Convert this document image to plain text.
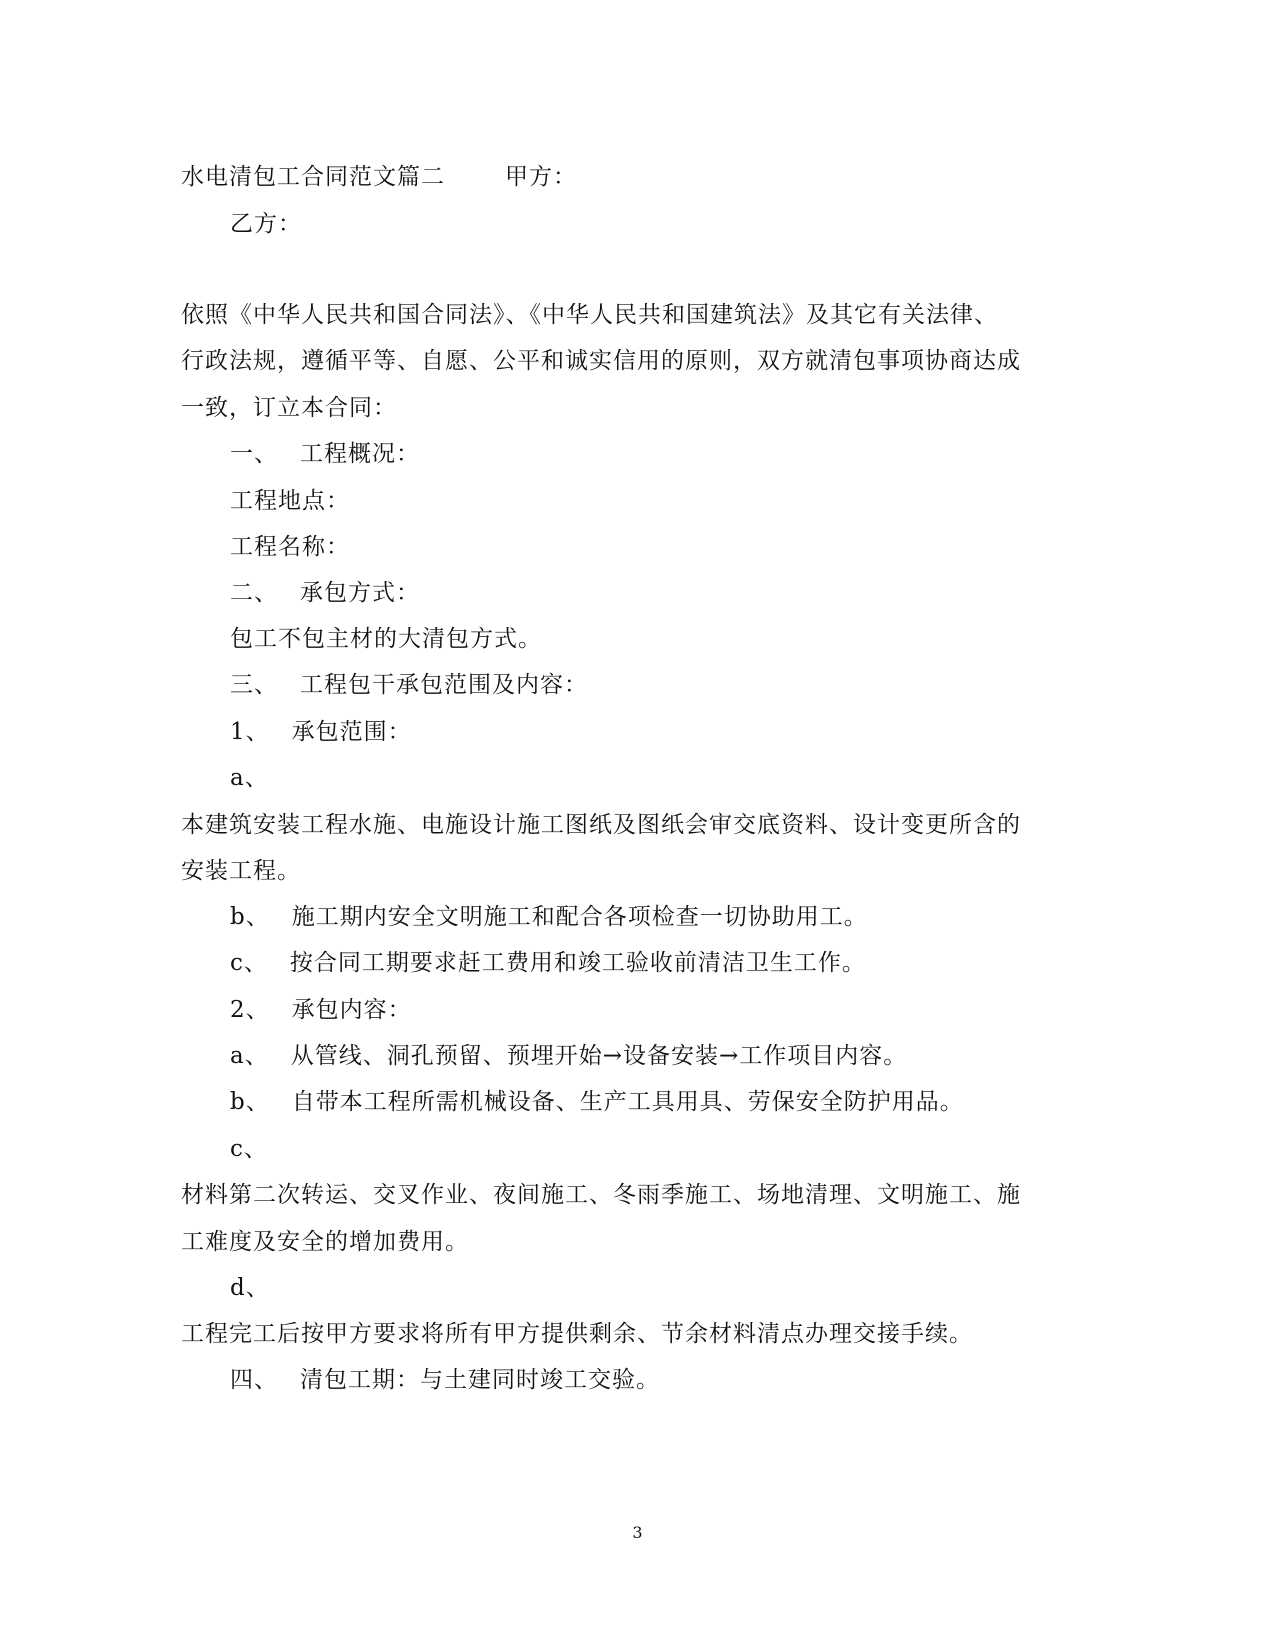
水电清包工合同范文篇二	甲方：
乙方：
依照《中华人民共和国合同法》、《中华人民共和国建筑法》及其它有关法律、
行政法规，遵循平等、自愿、公平和诚实信用的原则，双方就清包事项协商达成
一致，订立本合同：
一、 工程概况：
工程地点：
工程名称：
二、 承包方式：
包工不包主材的大清包方式。
三、 工程包干承包范围及内容：
1、 承包范围：
a、
本建筑安装工程水施、电施设计施工图纸及图纸会审交底资料、设计变更所含的
安装工程。
b、 施工期内安全文明施工和配合各项检查一切协助用工。
c、 按合同工期要求赶工费用和竣工验收前清洁卫生工作。
2、 承包内容：
a、 从管线、洞孔预留、预埋开始→设备安装→工作项目内容。
b、 自带本工程所需机械设备、生产工具用具、劳保安全防护用品。
c、
材料第二次转运、交叉作业、夜间施工、冬雨季施工、场地清理、文明施工、施
工难度及安全的增加费用。
d、
工程完工后按甲方要求将所有甲方提供剩余、节余材料清点办理交接手续。
四、 清包工期：与土建同时竣工交验。
3
